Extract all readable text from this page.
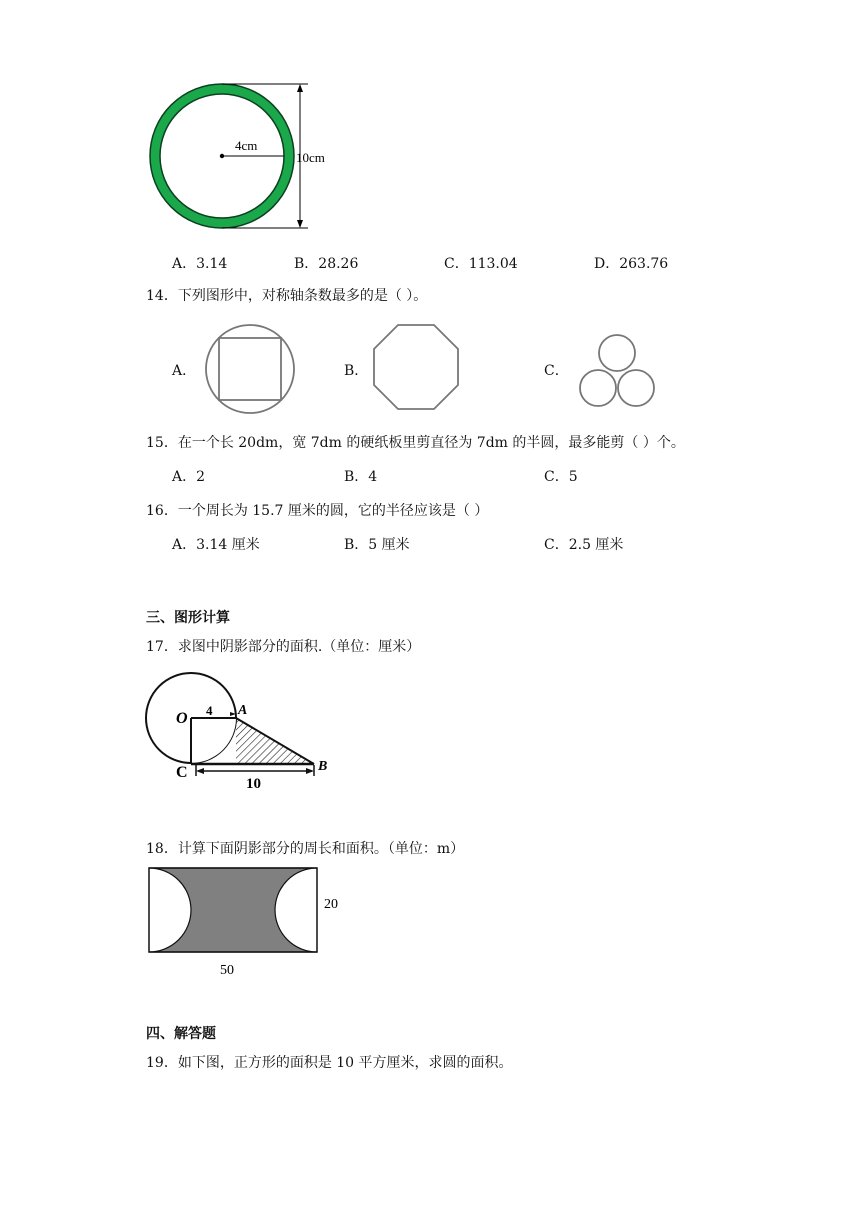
4cm
10cm
A．3.14	B．28.26	C．113.04	D．263.76
14．下列图形中，对称轴条数最多的是（ ）。
A．	B．	C．
15．在一个长 20dm，宽 7dm 的硬纸板里剪直径为 7dm 的半圆，最多能剪（ ）个。
A．2	B．4	C．5
16．一个周长为 15.7 厘米的圆，它的半径应该是（ ）
A．3.14 厘米	B．5 厘米	C．2.5 厘米
三、图形计算
17．求图中阴影部分的面积.（单位：厘米）
O 4 A
C	B
10
18．计算下面阴影部分的周长和面积。（单位：m）
20
50
四、解答题
19．如下图，正方形的面积是 10 平方厘米，求圆的面积。
